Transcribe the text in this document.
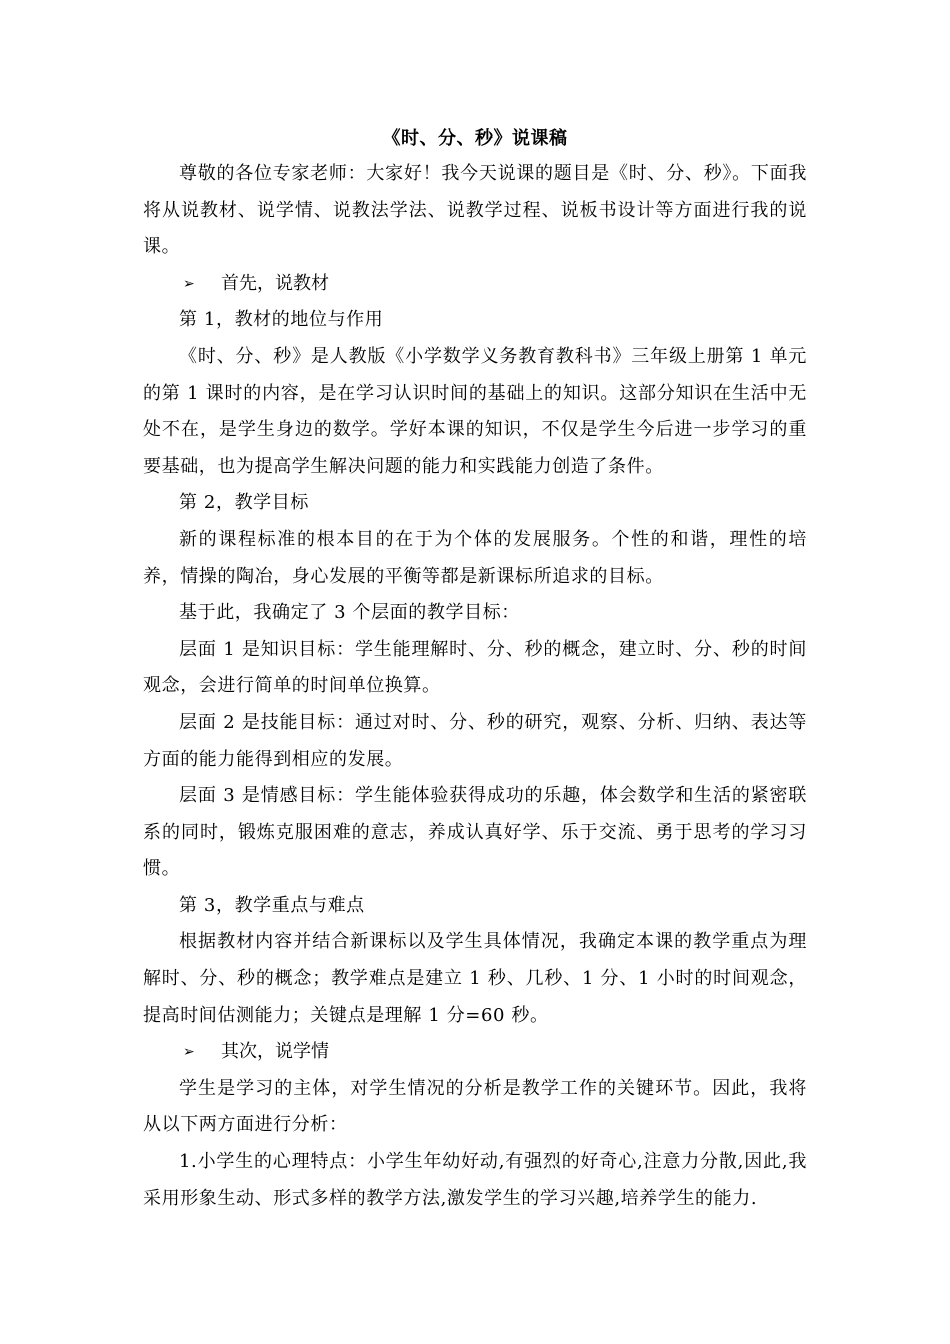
《时、分、秒》说课稿

尊敬的各位专家老师：大家好！我今天说课的题目是《时、分、秒》。下面我将从说教材、说学情、说教法学法、说教学过程、说板书设计等方面进行我的说课。

➢	首先，说教材

第 1，教材的地位与作用

《时、分、秒》是人教版《小学数学义务教育教科书》三年级上册第 1 单元的第 1 课时的内容，是在学习认识时间的基础上的知识。这部分知识在生活中无处不在，是学生身边的数学。学好本课的知识，不仅是学生今后进一步学习的重要基础，也为提高学生解决问题的能力和实践能力创造了条件。

第 2，教学目标

新的课程标准的根本目的在于为个体的发展服务。个性的和谐，理性的培养，情操的陶冶，身心发展的平衡等都是新课标所追求的目标。

基于此，我确定了 3 个层面的教学目标：

层面 1 是知识目标：学生能理解时、分、秒的概念，建立时、分、秒的时间观念，会进行简单的时间单位换算。

层面 2 是技能目标：通过对时、分、秒的研究，观察、分析、归纳、表达等方面的能力能得到相应的发展。

层面 3 是情感目标：学生能体验获得成功的乐趣，体会数学和生活的紧密联系的同时，锻炼克服困难的意志，养成认真好学、乐于交流、勇于思考的学习习惯。

第 3，教学重点与难点

根据教材内容并结合新课标以及学生具体情况，我确定本课的教学重点为理解时、分、秒的概念；教学难点是建立 1 秒、几秒、1 分、1 小时的时间观念，提高时间估测能力；关键点是理解 1 分=60 秒。

➢	其次，说学情

学生是学习的主体，对学生情况的分析是教学工作的关键环节。因此，我将从以下两方面进行分析：

1.小学生的心理特点：小学生年幼好动,有强烈的好奇心,注意力分散,因此,我采用形象生动、形式多样的教学方法,激发学生的学习兴趣,培养学生的能力.
